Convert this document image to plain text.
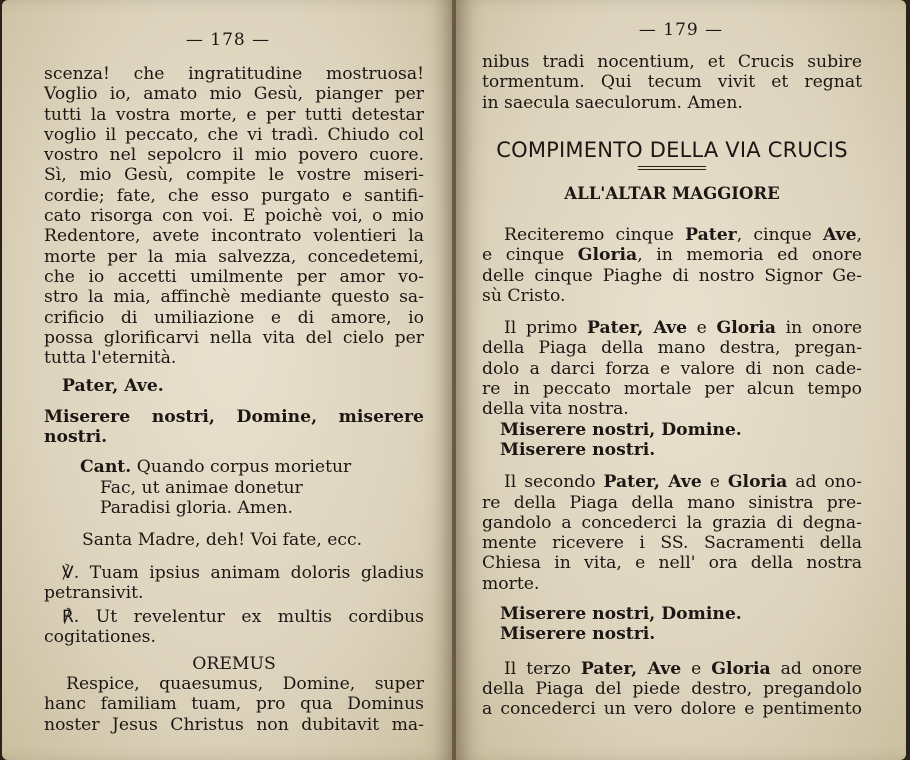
— 178 —

scenza! che ingratitudine mostruosa!

Voglio io, amato mio Gesù, pianger per

tutti la vostra morte, e per tutti detestar

voglio il peccato, che vi tradì. Chiudo col

vostro nel sepolcro il mio povero cuore.

Sì, mio Gesù, compite le vostre miseri-

cordie; fate, che esso purgato e santifi-

cato risorga con voi. E poichè voi, o mio

Redentore, avete incontrato volentieri la

morte per la mia salvezza, concedetemi,

che io accetti umilmente per amor vo-

stro la mia, affinchè mediante questo sa-

crificio di umiliazione e di amore, io

possa glorificarvi nella vita del cielo per

tutta l'eternità.

Pater, Ave.

Miserere nostri, Domine, miserere nostri.

Cant. Quando corpus morietur

Fac, ut animae donetur

Paradisi gloria. Amen.

Santa Madre, deh! Voi fate, ecc.

℣. Tuam ipsius animam doloris gladius

petransivit.

℟. Ut revelentur ex multis cordibus

cogitationes.

OREMUS

Respice, quaesumus, Domine, super

hanc familiam tuam, pro qua Dominus

noster Jesus Christus non dubitavit ma-

— 179 —

nibus tradi nocentium, et Crucis subire

tormentum. Qui tecum vivit et regnat

in saecula saeculorum. Amen.

COMPIMENTO DELLA VIA CRUCIS

ALL'ALTAR MAGGIORE

Reciteremo cinque Pater, cinque Ave,

e cinque Gloria, in memoria ed onore

delle cinque Piaghe di nostro Signor Ge-

sù Cristo.

Il primo Pater, Ave e Gloria in onore

della Piaga della mano destra, pregan-

dolo a darci forza e valore di non cade-

re in peccato mortale per alcun tempo

della vita nostra.

Miserere nostri, Domine.

Miserere nostri.

Il secondo Pater, Ave e Gloria ad ono-

re della Piaga della mano sinistra pre-

gandolo a concederci la grazia di degna-

mente ricevere i SS. Sacramenti della

Chiesa in vita, e nell' ora della nostra

morte.

Miserere nostri, Domine.

Miserere nostri.

Il terzo Pater, Ave e Gloria ad onore

della Piaga del piede destro, pregandolo

a concederci un vero dolore e pentimento
